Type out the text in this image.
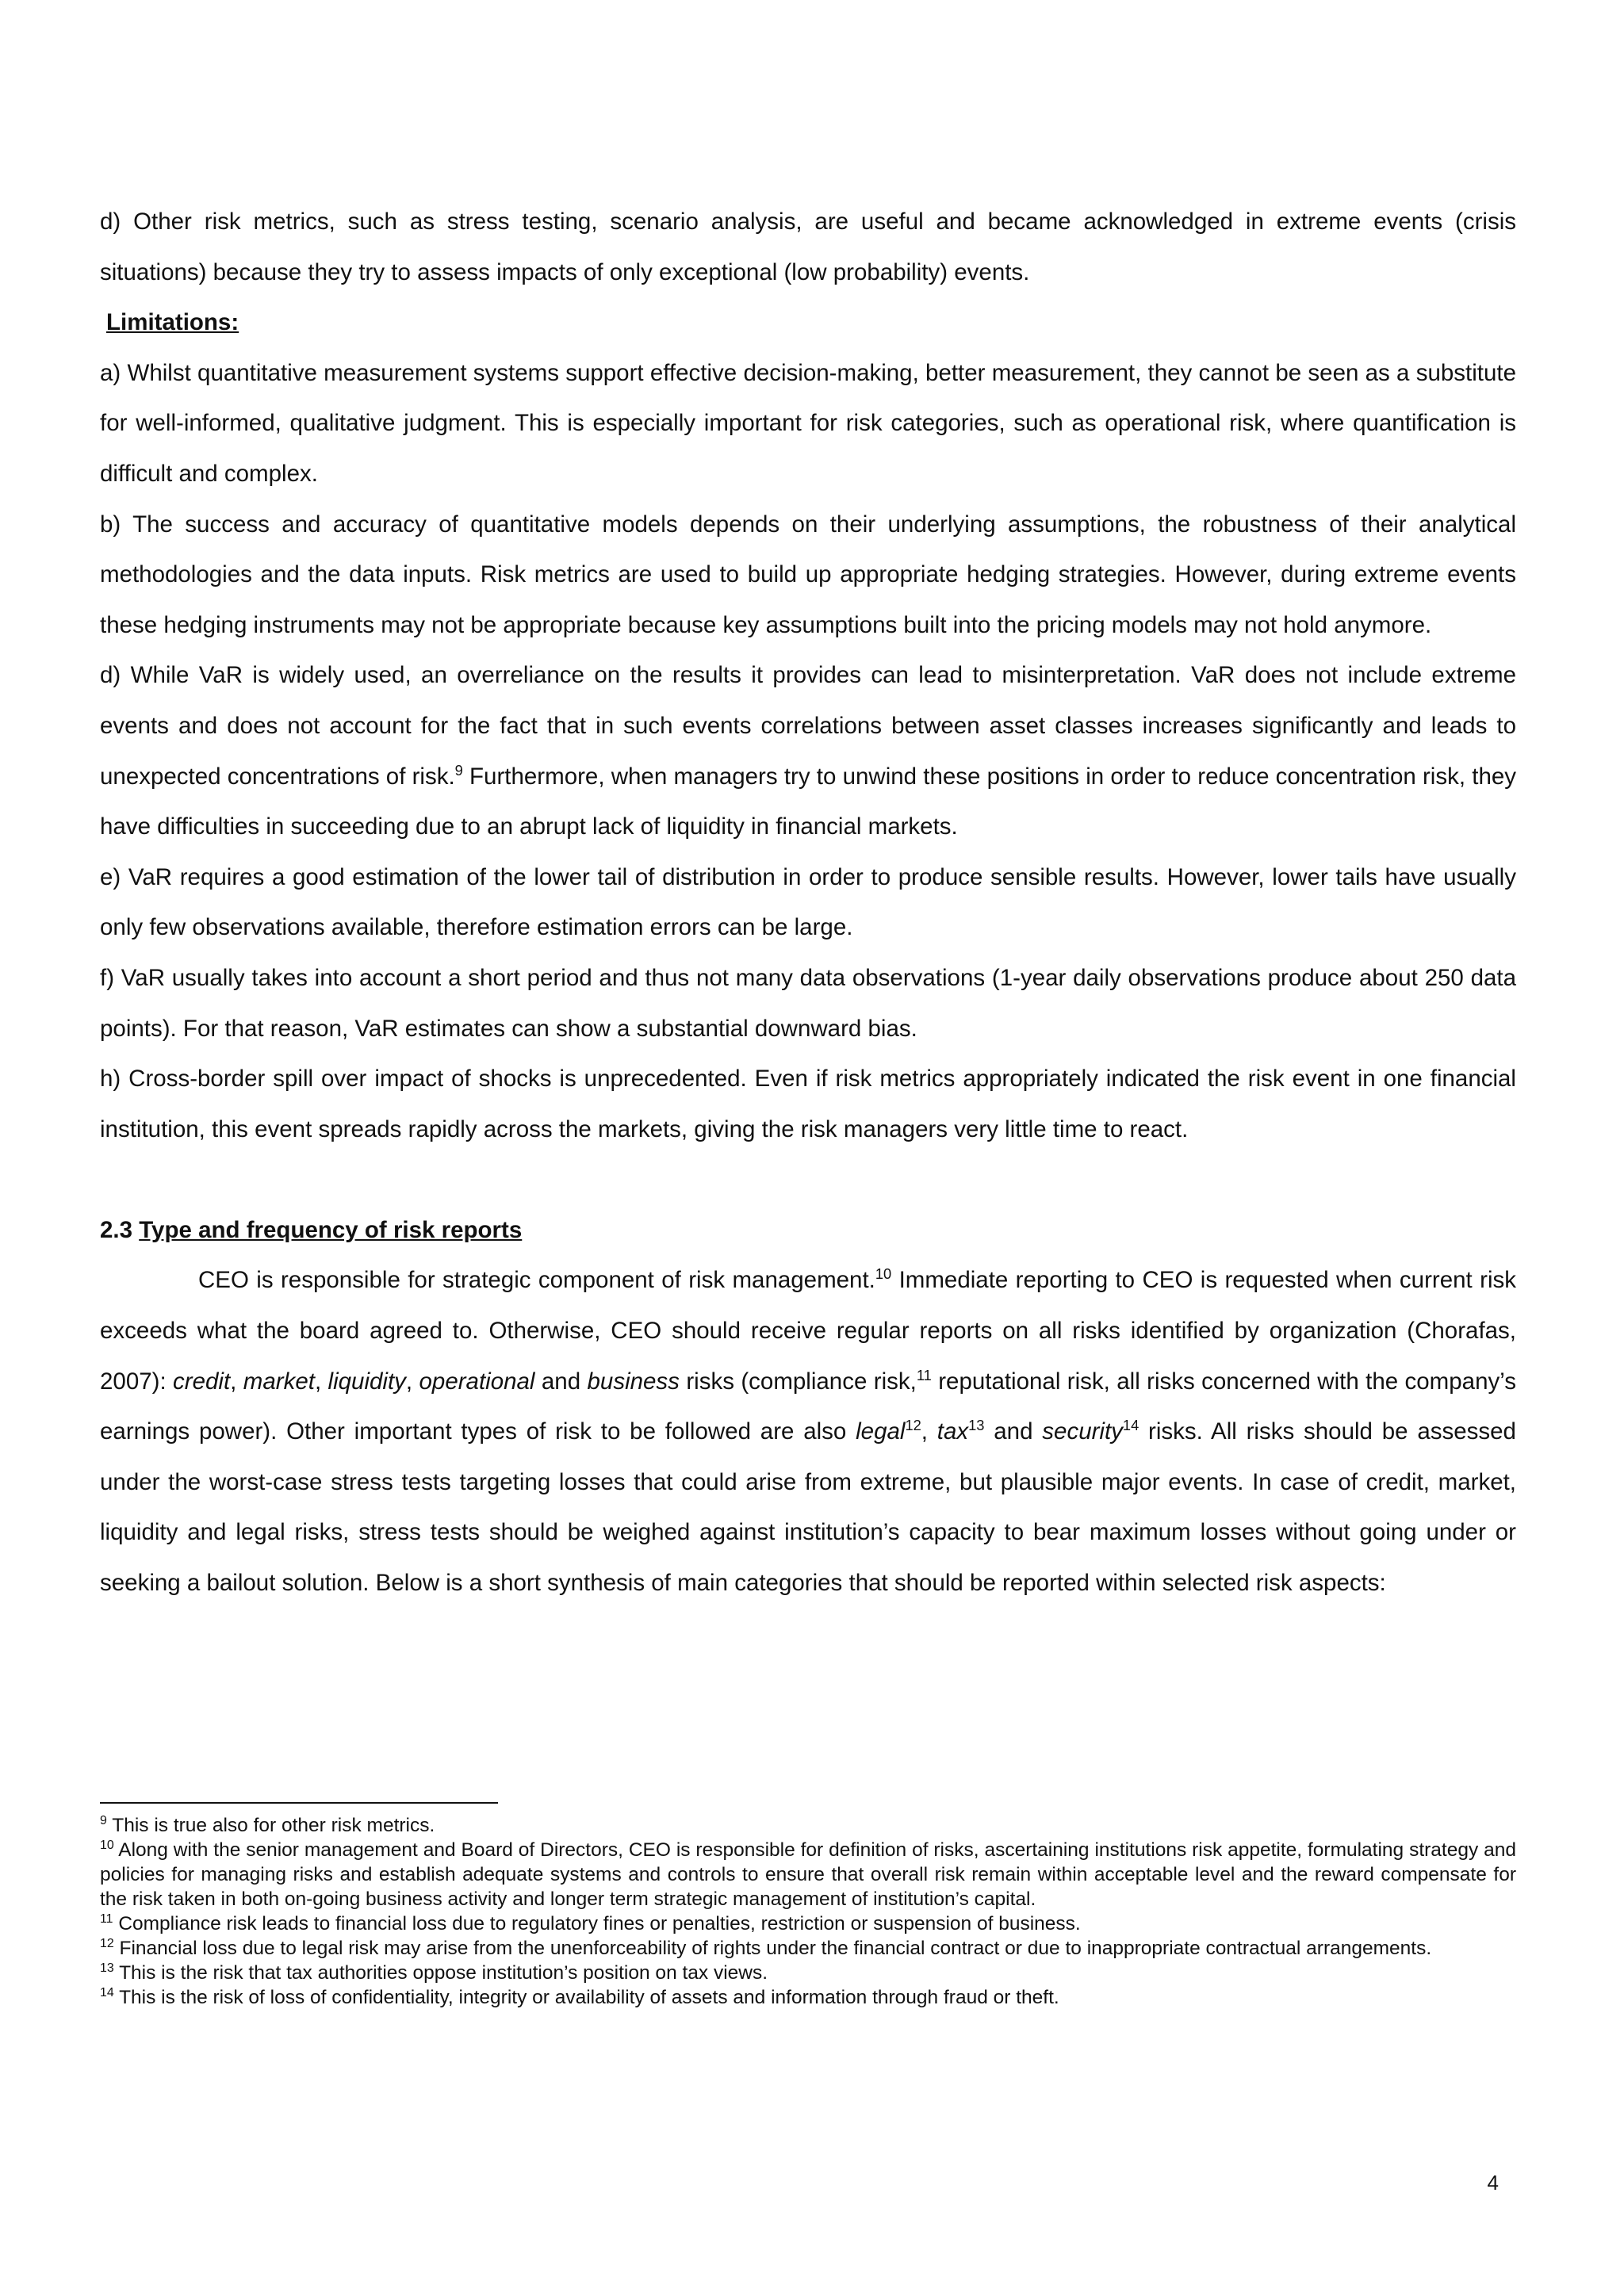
d) Other risk metrics, such as stress testing, scenario analysis, are useful and became acknowledged in extreme events (crisis situations) because they try to assess impacts of only exceptional (low probability) events.

Limitations:

a) Whilst quantitative measurement systems support effective decision-making, better measurement, they cannot be seen as a substitute for well-informed, qualitative judgment. This is especially important for risk categories, such as operational risk, where quantification is difficult and complex.

b) The success and accuracy of quantitative models depends on their underlying assumptions, the robustness of their analytical methodologies and the data inputs. Risk metrics are used to build up appropriate hedging strategies. However, during extreme events these hedging instruments may not be appropriate because key assumptions built into the pricing models may not hold anymore.

d) While VaR is widely used, an overreliance on the results it provides can lead to misinterpretation. VaR does not include extreme events and does not account for the fact that in such events correlations between asset classes increases significantly and leads to unexpected concentrations of risk.$^9$ Furthermore, when managers try to unwind these positions in order to reduce concentration risk, they have difficulties in succeeding due to an abrupt lack of liquidity in financial markets.

e) VaR requires a good estimation of the lower tail of distribution in order to produce sensible results. However, lower tails have usually only few observations available, therefore estimation errors can be large.

f) VaR usually takes into account a short period and thus not many data observations (1-year daily observations produce about 250 data points). For that reason, VaR estimates can show a substantial downward bias.

h) Cross-border spill over impact of shocks is unprecedented. Even if risk metrics appropriately indicated the risk event in one financial institution, this event spreads rapidly across the markets, giving the risk managers very little time to react.

2.3 Type and frequency of risk reports

CEO is responsible for strategic component of risk management.$^{10}$ Immediate reporting to CEO is requested when current risk exceeds what the board agreed to. Otherwise, CEO should receive regular reports on all risks identified by organization (Chorafas, 2007): credit, market, liquidity, operational and business risks (compliance risk,$^{11}$ reputational risk, all risks concerned with the company’s earnings power). Other important types of risk to be followed are also legal$^{12}$, tax$^{13}$ and security$^{14}$ risks. All risks should be assessed under the worst-case stress tests targeting losses that could arise from extreme, but plausible major events. In case of credit, market, liquidity and legal risks, stress tests should be weighed against institution’s capacity to bear maximum losses without going under or seeking a bailout solution. Below is a short synthesis of main categories that should be reported within selected risk aspects:

$^9$ This is true also for other risk metrics.

$^{10}$ Along with the senior management and Board of Directors, CEO is responsible for definition of risks, ascertaining institutions risk appetite, formulating strategy and policies for managing risks and establish adequate systems and controls to ensure that overall risk remain within acceptable level and the reward compensate for the risk taken in both on-going business activity and longer term strategic management of institution’s capital.

$^{11}$ Compliance risk leads to financial loss due to regulatory fines or penalties, restriction or suspension of business.

$^{12}$ Financial loss due to legal risk may arise from the unenforceability of rights under the financial contract or due to inappropriate contractual arrangements.

$^{13}$ This is the risk that tax authorities oppose institution’s position on tax views.

$^{14}$ This is the risk of loss of confidentiality, integrity or availability of assets and information through fraud or theft.

4
